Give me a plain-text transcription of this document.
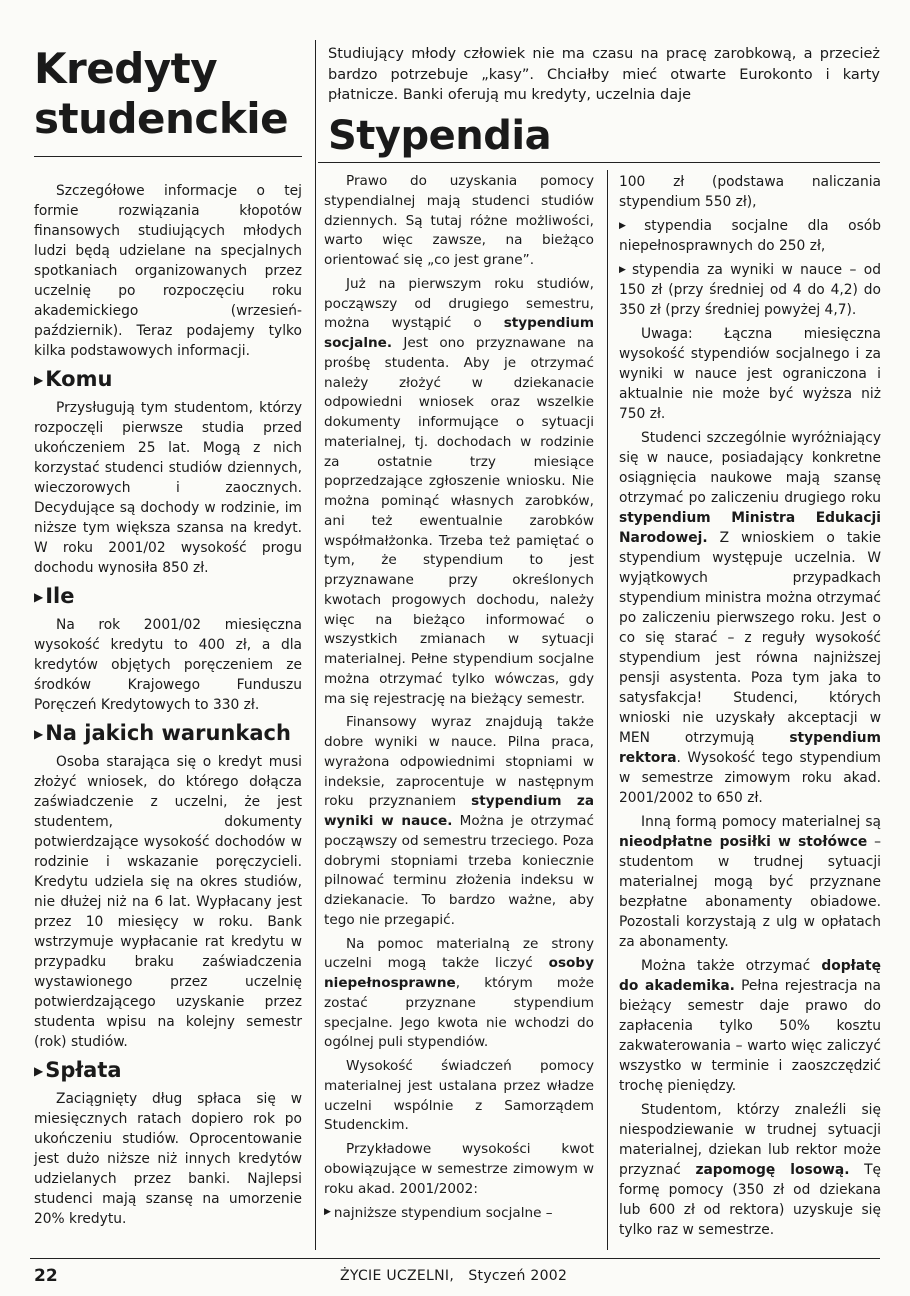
Kredyty
studenckie

Szczegółowe informacje o tej formie rozwiązania kłopotów finansowych studiujących młodych ludzi będą udzielane na specjalnych spotkaniach organizowanych przez uczelnię po rozpoczęciu roku akademickiego (wrzesień-październik). Teraz podajemy tylko kilka podstawowych informacji.

▶Komu

Przysługują tym studentom, którzy rozpoczęli pierwsze studia przed ukończeniem 25 lat. Mogą z nich korzystać studenci studiów dziennych, wieczorowych i zaocznych. Decydujące są dochody w rodzinie, im niższe tym większa szansa na kredyt. W roku 2001/02 wysokość progu dochodu wynosiła 850 zł.

▶Ile

Na rok 2001/02 miesięczna wysokość kredytu to 400 zł, a dla kredytów objętych poręczeniem ze środków Krajowego Funduszu Poręczeń Kredytowych to 330 zł.

▶Na jakich warunkach

Osoba starająca się o kredyt musi złożyć wniosek, do którego dołącza zaświadczenie z uczelni, że jest studentem, dokumenty potwierdzające wysokość dochodów w rodzinie i wskazanie poręczycieli. Kredytu udziela się na okres studiów, nie dłużej niż na 6 lat. Wypłacany jest przez 10 miesięcy w roku. Bank wstrzymuje wypłacanie rat kredytu w przypadku braku zaświadczenia wystawionego przez uczelnię potwierdzającego uzyskanie przez studenta wpisu na kolejny semestr (rok) studiów.

▶Spłata

Zaciągnięty dług spłaca się w miesięcznych ratach dopiero rok po ukończeniu studiów. Oprocentowanie jest dużo niższe niż innych kredytów udzielanych przez banki. Najlepsi studenci mają szansę na umorzenie 20% kredytu.

Studiujący młody człowiek nie ma czasu na pracę zarobkową, a przecież bardzo potrzebuje „kasy”. Chciałby mieć otwarte Eurokonto i karty płatnicze. Banki oferują mu kredyty, uczelnia daje

Stypendia

Prawo do uzyskania pomocy stypendialnej mają studenci studiów dziennych. Są tutaj różne możliwości, warto więc zawsze, na bieżąco orientować się „co jest grane”.

Już na pierwszym roku studiów, począwszy od drugiego semestru, można wystąpić o stypendium socjalne. Jest ono przyznawane na prośbę studenta. Aby je otrzymać należy złożyć w dziekanacie odpowiedni wniosek oraz wszelkie dokumenty informujące o sytuacji materialnej, tj. dochodach w rodzinie za ostatnie trzy miesiące poprzedzające zgłoszenie wniosku. Nie można pominąć własnych zarobków, ani też ewentualnie zarobków współmałżonka. Trzeba też pamiętać o tym, że stypendium to jest przyznawane przy określonych kwotach progowych dochodu, należy więc na bieżąco informować o wszystkich zmianach w sytuacji materialnej. Pełne stypendium socjalne można otrzymać tylko wówczas, gdy ma się rejestrację na bieżący semestr.

Finansowy wyraz znajdują także dobre wyniki w nauce. Pilna praca, wyrażona odpowiednimi stopniami w indeksie, zaprocentuje w następnym roku przyznaniem stypendium za wyniki w nauce. Można je otrzymać począwszy od semestru trzeciego. Poza dobrymi stopniami trzeba koniecznie pilnować terminu złożenia indeksu w dziekanacie. To bardzo ważne, aby tego nie przegapić.

Na pomoc materialną ze strony uczelni mogą także liczyć osoby niepełnosprawne, którym może zostać przyznane stypendium specjalne. Jego kwota nie wchodzi do ogólnej puli stypendiów.

Wysokość świadczeń pomocy materialnej jest ustalana przez władze uczelni wspólnie z Samorządem Studenckim.

Przykładowe wysokości kwot obowiązujące w semestrze zimowym w roku akad. 2001/2002:

▶ najniższe stypendium socjalne –

100 zł (podstawa naliczania stypendium 550 zł),

▶ stypendia socjalne dla osób niepełnosprawnych do 250 zł,

▶ stypendia za wyniki w nauce – od 150 zł (przy średniej od 4 do 4,2) do 350 zł (przy średniej powyżej 4,7).

Uwaga: Łączna miesięczna wysokość stypendiów socjalnego i za wyniki w nauce jest ograniczona i aktualnie nie może być wyższa niż 750 zł.

Studenci szczególnie wyróżniający się w nauce, posiadający konkretne osiągnięcia naukowe mają szansę otrzymać po zaliczeniu drugiego roku stypendium Ministra Edukacji Narodowej. Z wnioskiem o takie stypendium występuje uczelnia. W wyjątkowych przypadkach stypendium ministra można otrzymać po zaliczeniu pierwszego roku. Jest o co się starać – z reguły wysokość stypendium jest równa najniższej pensji asystenta. Poza tym jaka to satysfakcja! Studenci, których wnioski nie uzyskały akceptacji w MEN otrzymują stypendium rektora. Wysokość tego stypendium w semestrze zimowym roku akad. 2001/2002 to 650 zł.

Inną formą pomocy materialnej są nieodpłatne posiłki w stołówce – studentom w trudnej sytuacji materialnej mogą być przyznane bezpłatne abonamenty obiadowe. Pozostali korzystają z ulg w opłatach za abonamenty.

Można także otrzymać dopłatę do akademika. Pełna rejestracja na bieżący semestr daje prawo do zapłacenia tylko 50% kosztu zakwaterowania – warto więc zaliczyć wszystko w terminie i zaoszczędzić trochę pieniędzy.

Studentom, którzy znaleźli się niespodziewanie w trudnej sytuacji materialnej, dziekan lub rektor może przyznać zapomogę losową. Tę formę pomocy (350 zł od dziekana lub 600 zł od rektora) uzyskuje się tylko raz w semestrze.

22	ŻYCIE UCZELNI,   Styczeń 2002
